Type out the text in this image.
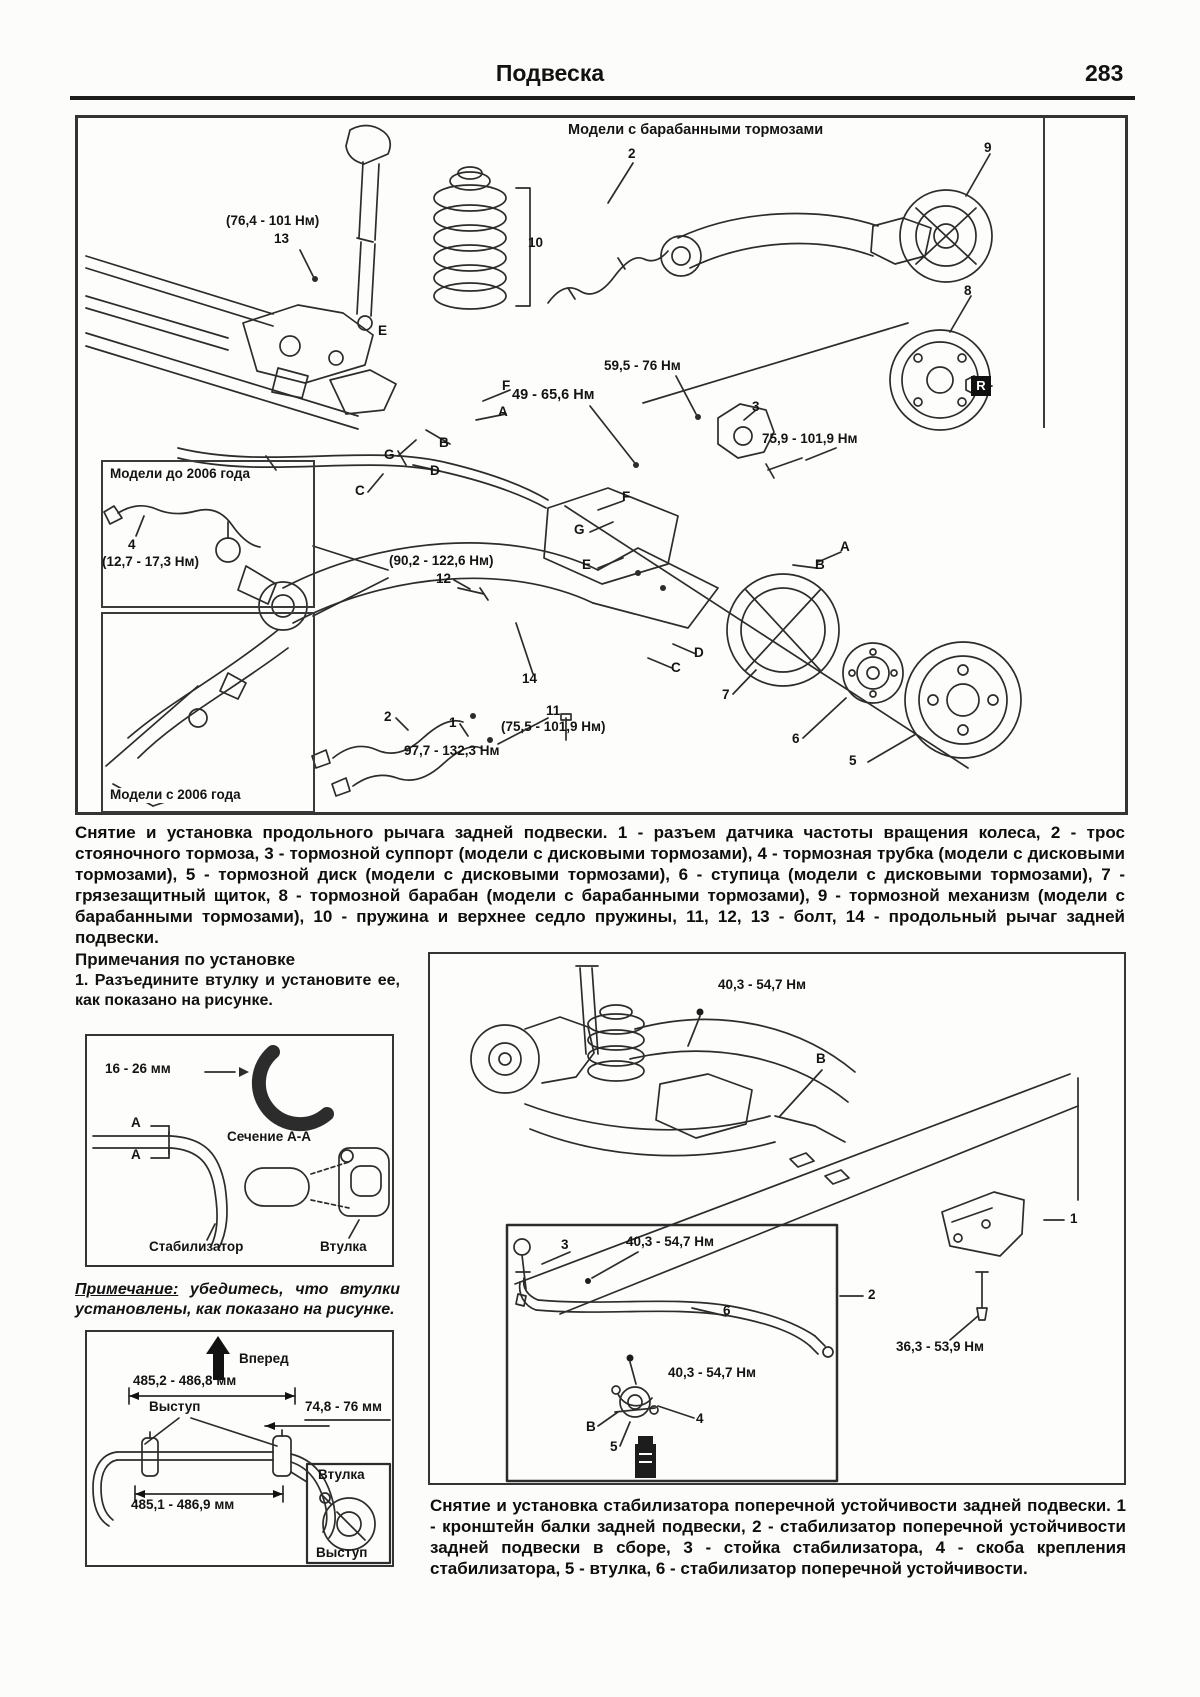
Подвеска	283
Модели с барабанными тормозами
Модели до 2006 года
Модели с 2006 года
(76,4 - 101 Нм)
13
E
10
2	9
8
R
59,5 - 76 Нм
49 - 65,6 Нм
3
75,9 - 101,9 Нм
F
A
B
G
D
C
A
B
F
G
E
D
C
(90,2 - 122,6 Нм)
12
14
11
(75,5 - 101,9 Нм)
97,7 - 132,3 Нм
2	1
7
6
5
4
(12,7 - 17,3 Нм)
Снятие и установка продольного рычага задней подвески. 1 - разъем датчика частоты вращения колеса, 2 - трос стояночного тормоза, 3 - тормозной суппорт (модели с дисковыми тормозами), 4 - тормозная трубка (модели с дисковыми тормозами), 5 - тормозной диск (модели с дисковыми тормозами), 6 - ступица (модели с дисковыми тормозами), 7 - грязезащитный щиток, 8 - тормозной барабан (модели с барабанными тормозами), 9 - тормозной механизм (модели с барабанными тормозами), 10 - пружина и верхнее седло пружины, 11, 12, 13 - болт, 14 - продольный рычаг задней подвески.
Примечания по установке
1. Разъедините втулку и установите ее, как показано на рисунке.
16 - 26 мм
А
А
Сечение А-А
Стабилизатор	Втулка
Примечание: убедитесь, что втулки установлены, как показано на рисунке.
Вперед
485,2 - 486,8 мм
Выступ	74,8 - 76 мм
485,1 - 486,9 мм
Втулка
Выступ
40,3 - 54,7 Нм
B
1
36,3 - 53,9 Нм
2
3	40,3 - 54,7 Нм
6
40,3 - 54,7 Нм
B
4
5
Снятие и установка стабилизатора поперечной устойчивости задней подвески. 1 - кронштейн балки задней подвески, 2 - стабилизатор поперечной устойчивости задней подвески в сборе, 3 - стойка стабилизатора, 4 - скоба крепления стабилизатора, 5 - втулка, 6 - стабилизатор поперечной устойчивости.
